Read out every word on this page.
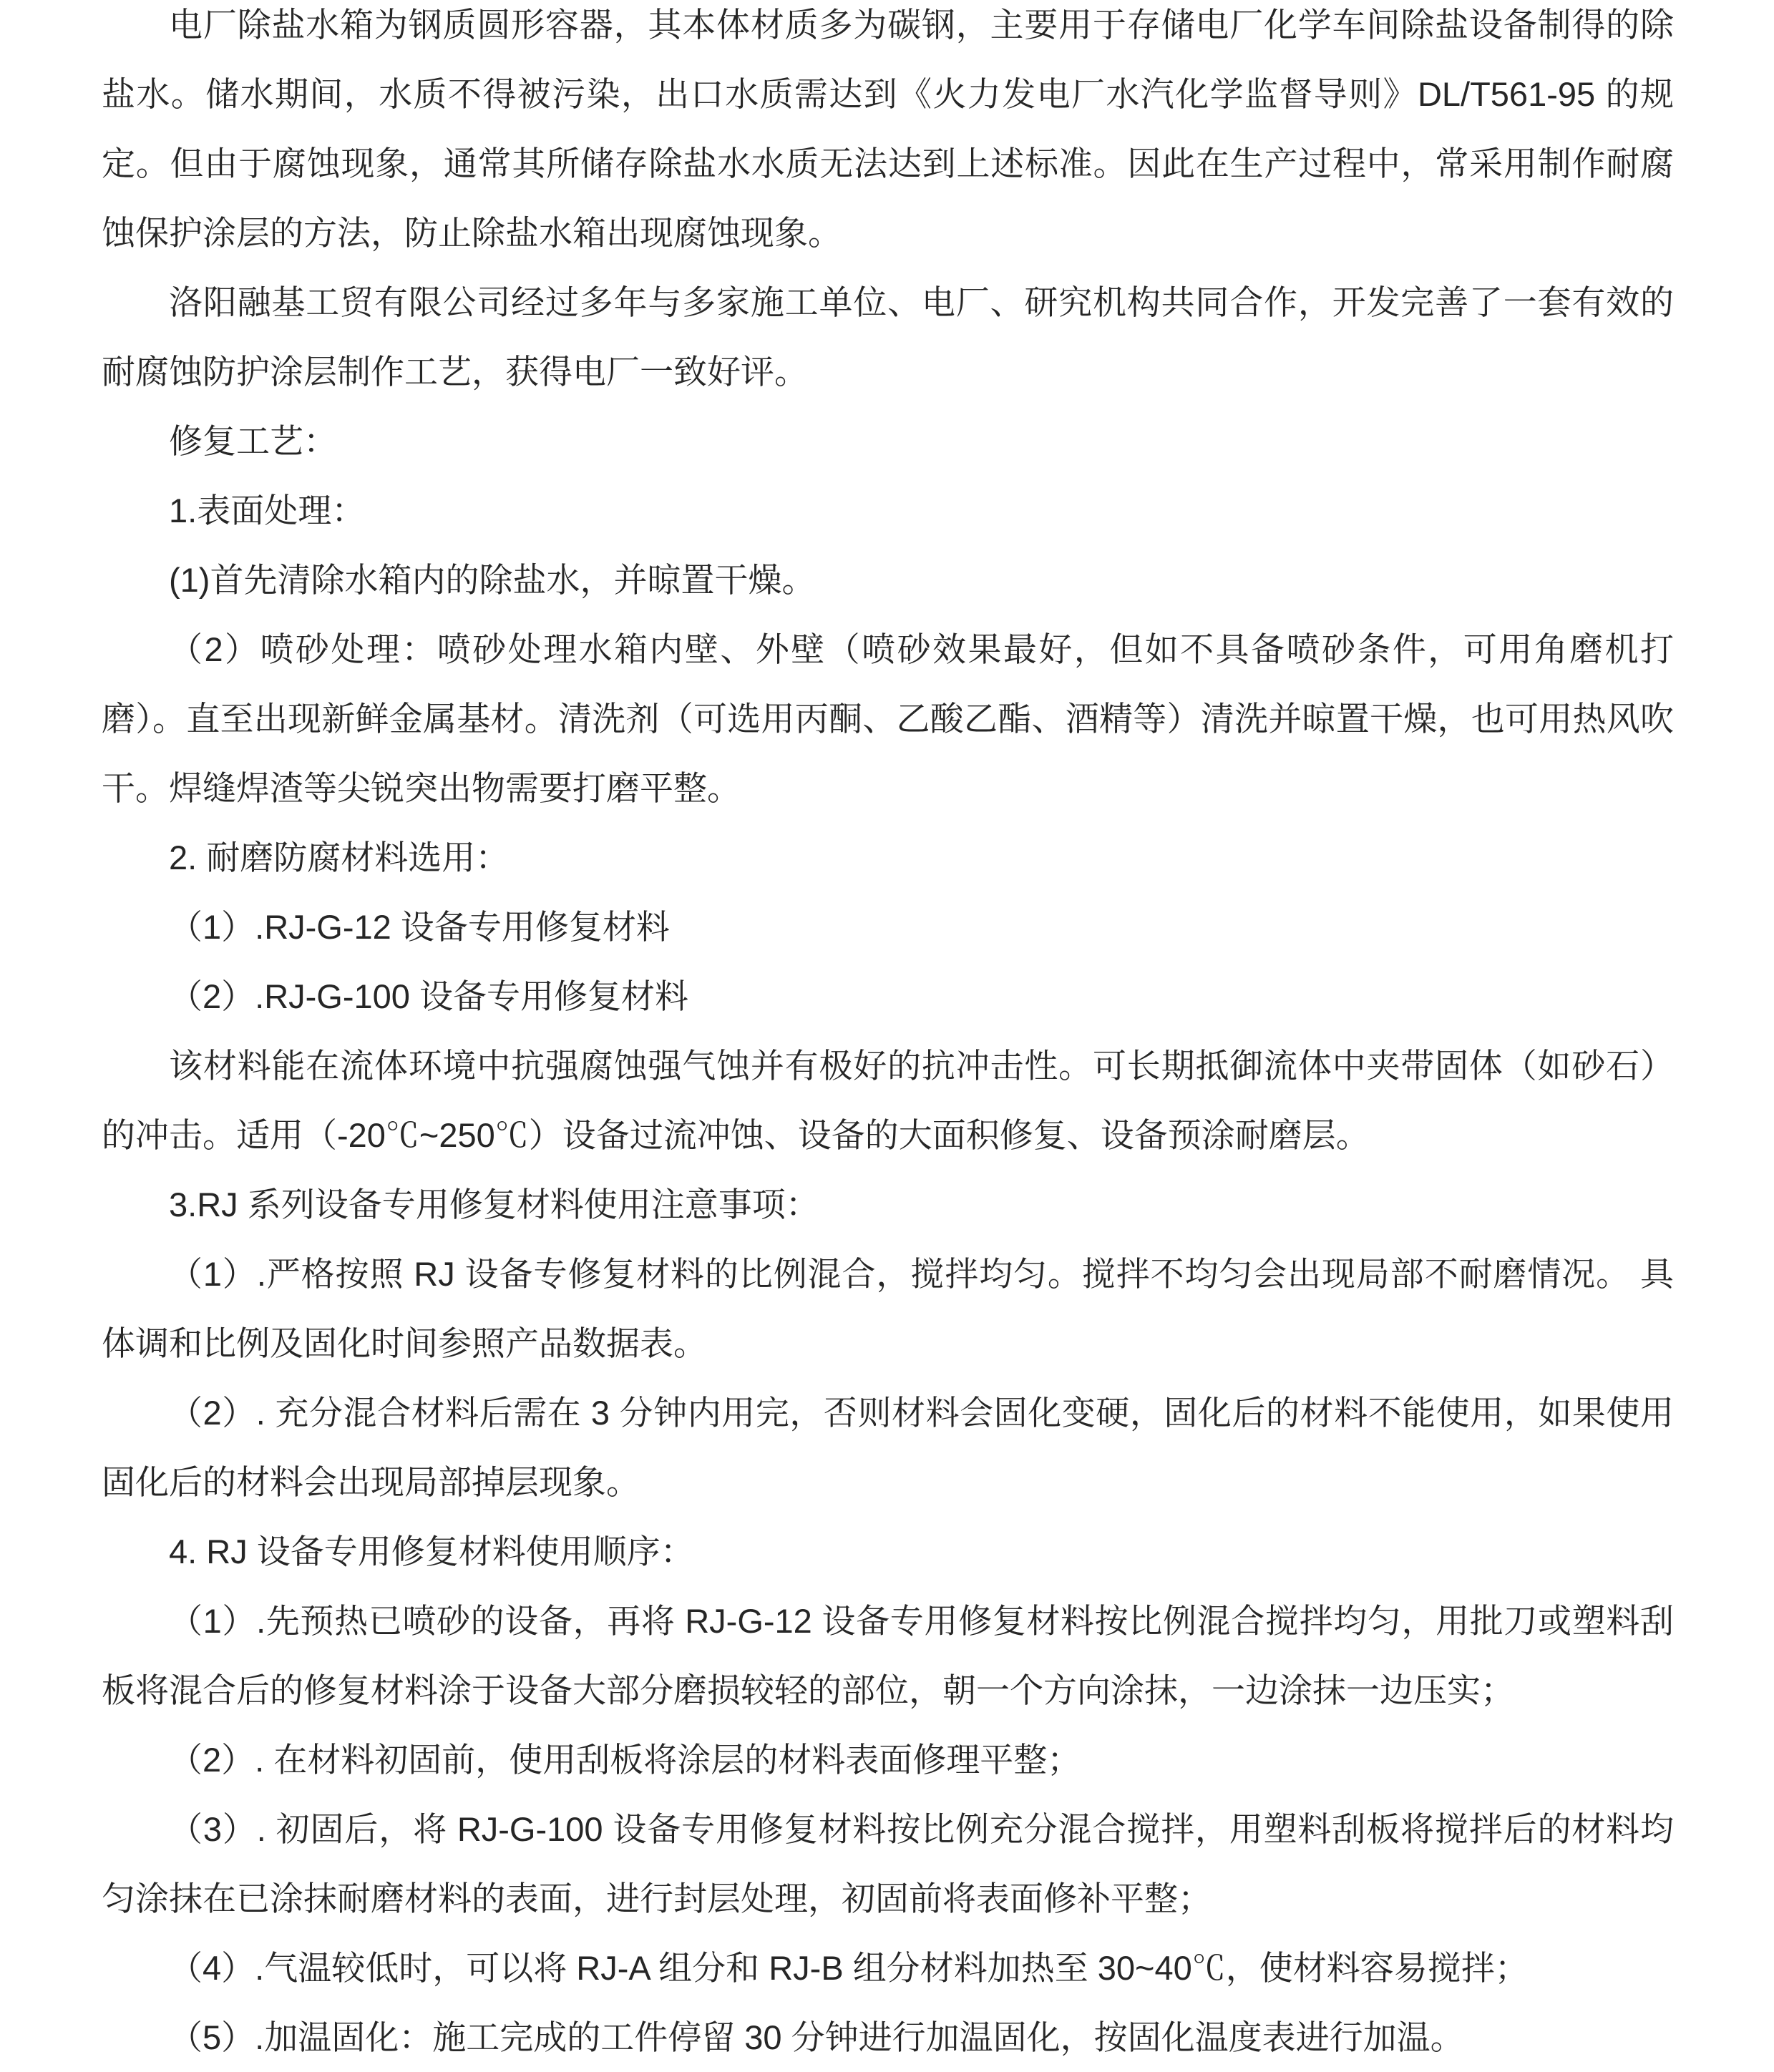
电厂除盐水箱为钢质圆形容器，其本体材质多为碳钢，主要用于存储电厂化学车间除盐设备制得的除盐水。储水期间，水质不得被污染，出口水质需达到《火力发电厂水汽化学监督导则》DL/T561-95 的规定。但由于腐蚀现象，通常其所储存除盐水水质无法达到上述标准。因此在生产过程中，常采用制作耐腐蚀保护涂层的方法，防止除盐水箱出现腐蚀现象。

洛阳融基工贸有限公司经过多年与多家施工单位、电厂、研究机构共同合作，开发完善了一套有效的耐腐蚀防护涂层制作工艺，获得电厂一致好评。

修复工艺：

1.表面处理：

(1)首先清除水箱内的除盐水，并晾置干燥。

（2）喷砂处理：喷砂处理水箱内壁、外壁（喷砂效果最好，但如不具备喷砂条件，可用角磨机打磨）。直至出现新鲜金属基材。清洗剂（可选用丙酮、乙酸乙酯、酒精等）清洗并晾置干燥，也可用热风吹干。焊缝焊渣等尖锐突出物需要打磨平整。

2. 耐磨防腐材料选用：

（1）.RJ-G-12 设备专用修复材料

（2）.RJ-G-100 设备专用修复材料

该材料能在流体环境中抗强腐蚀强气蚀并有极好的抗冲击性。可长期抵御流体中夹带固体（如砂石）的冲击。适用（-20℃~250℃）设备过流冲蚀、设备的大面积修复、设备预涂耐磨层。

3.RJ 系列设备专用修复材料使用注意事项：

（1）.严格按照 RJ 设备专修复材料的比例混合，搅拌均匀。搅拌不均匀会出现局部不耐磨情况。 具体调和比例及固化时间参照产品数据表。

（2）. 充分混合材料后需在 3 分钟内用完，否则材料会固化变硬，固化后的材料不能使用，如果使用固化后的材料会出现局部掉层现象。

4. RJ 设备专用修复材料使用顺序：

（1）.先预热已喷砂的设备，再将 RJ-G-12 设备专用修复材料按比例混合搅拌均匀，用批刀或塑料刮板将混合后的修复材料涂于设备大部分磨损较轻的部位，朝一个方向涂抹，一边涂抹一边压实；

（2）. 在材料初固前，使用刮板将涂层的材料表面修理平整；

（3）. 初固后，将 RJ-G-100 设备专用修复材料按比例充分混合搅拌，用塑料刮板将搅拌后的材料均匀涂抹在已涂抹耐磨材料的表面，进行封层处理，初固前将表面修补平整；

（4）.气温较低时，可以将 RJ-A 组分和 RJ-B 组分材料加热至 30~40℃，使材料容易搅拌；

（5）.加温固化：施工完成的工件停留 30 分钟进行加温固化，按固化温度表进行加温。
